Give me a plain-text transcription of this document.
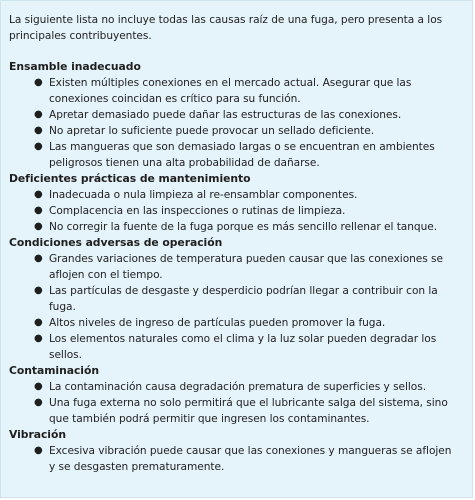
La siguiente lista no incluye todas las causas raíz de una fuga, pero presenta a los principales contribuyentes.

Ensamble inadecuado

● Existen múltiples conexiones en el mercado actual. Asegurar que las conexiones coincidan es crítico para su función.
● Apretar demasiado puede dañar las estructuras de las conexiones.
● No apretar lo suficiente puede provocar un sellado deficiente.
● Las mangueras que son demasiado largas o se encuentran en ambientes peligrosos tienen una alta probabilidad de dañarse.

Deficientes prácticas de mantenimiento

● Inadecuada o nula limpieza al re-ensamblar componentes.
● Complacencia en las inspecciones o rutinas de limpieza.
● No corregir la fuente de la fuga porque es más sencillo rellenar el tanque.

Condiciones adversas de operación

● Grandes variaciones de temperatura pueden causar que las conexiones se aflojen con el tiempo.
● Las partículas de desgaste y desperdicio podrían llegar a contribuir con la fuga.
● Altos niveles de ingreso de partículas pueden promover la fuga.
● Los elementos naturales como el clima y la luz solar pueden degradar los sellos.

Contaminación

● La contaminación causa degradación prematura de superficies y sellos.
● Una fuga externa no solo permitirá que el lubricante salga del sistema, sino que también podrá permitir que ingresen los contaminantes.

Vibración

● Excesiva vibración puede causar que las conexiones y mangueras se aflojen y se desgasten prematuramente.
